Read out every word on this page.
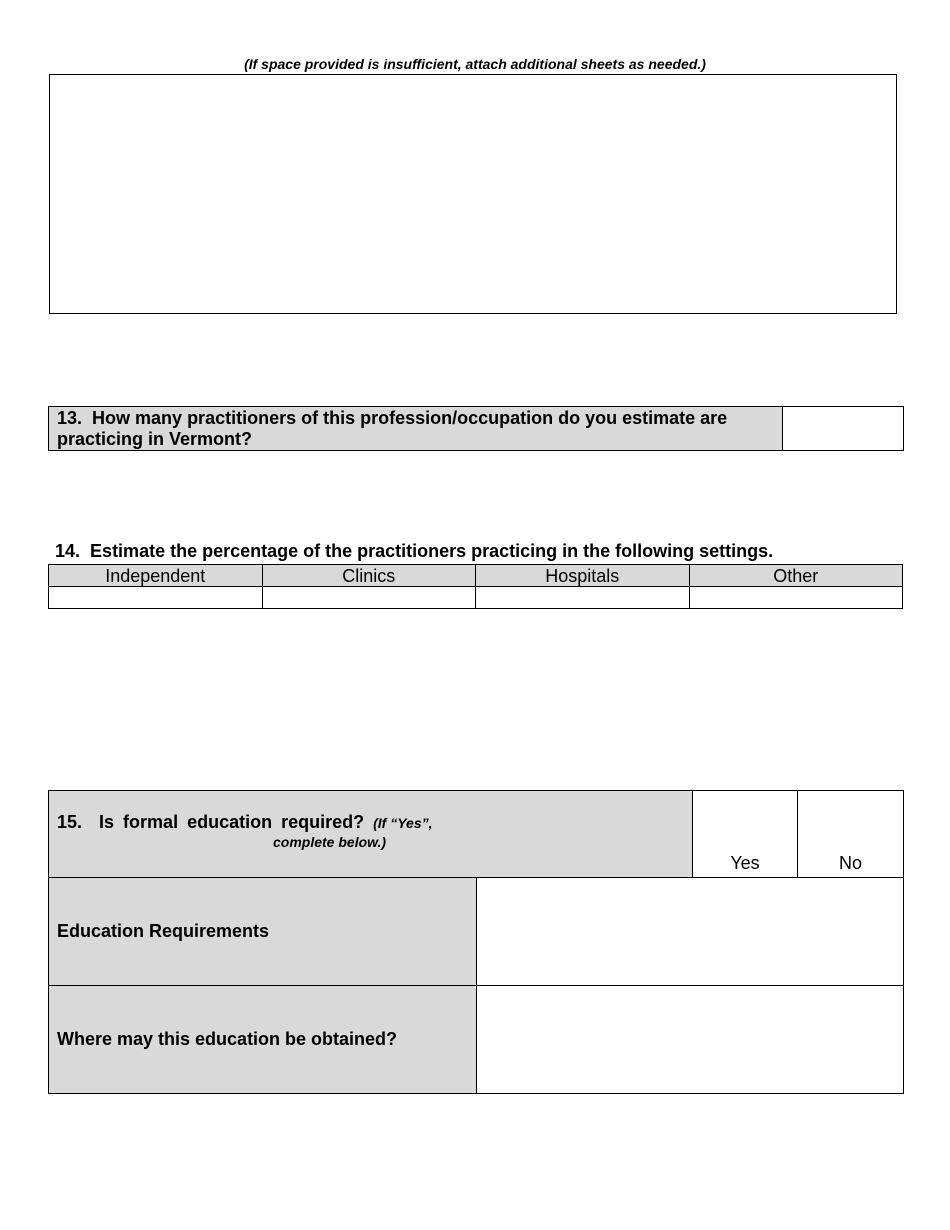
(If space provided is insufficient, attach additional sheets as needed.)
13. How many practitioners of this profession/occupation do you estimate are practicing in Vermont?	
14. Estimate the percentage of the practitioners practicing in the following settings.
Independent	Clinics	Hospitals	Other

15. Is formal education required? (If “Yes”,
complete below.)		Yes	No
Education Requirements			
Where may this education be obtained?			
